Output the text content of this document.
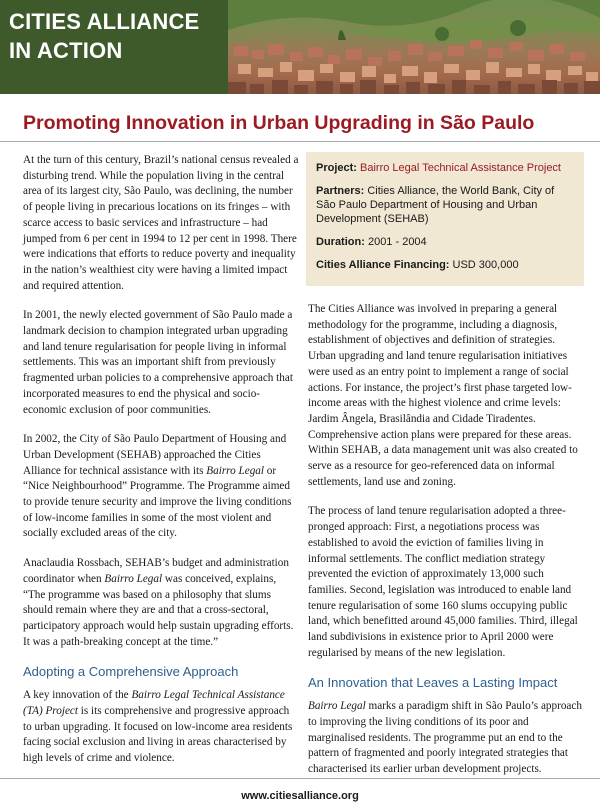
CITIES ALLIANCE
IN ACTION
Promoting Innovation in Urban Upgrading in São Paulo

At the turn of this century, Brazil’s national census revealed a disturbing trend. While the population living in the central area of its largest city, São Paulo, was declining, the number of people living in precarious locations on its fringes – with scarce access to basic services and infrastructure – had jumped from 6 per cent in 1994 to 12 per cent in 1998. There were indications that efforts to reduce poverty and inequality in the nation’s wealthiest city were having a limited impact and required attention.

In 2001, the newly elected government of São Paulo made a landmark decision to champion integrated urban upgrading and land tenure regularisation for people living in informal settlements. This was an important shift from previously fragmented urban policies to a comprehensive approach that incorporated measures to end the physical and socio-economic exclusion of poor communities.

In 2002, the City of São Paulo Department of Housing and Urban Development (SEHAB) approached the Cities Alliance for technical assistance with its Bairro Legal or “Nice Neighbourhood” Programme. The Programme aimed to provide tenure security and improve the living conditions of low-income families in some of the most violent and socially excluded areas of the city.

Anaclaudia Rossbach, SEHAB’s budget and administration coordinator when Bairro Legal was conceived, explains, “The programme was based on a philosophy that slums should remain where they are and that a cross-sectoral, participatory approach would help sustain upgrading efforts. It was a path-breaking concept at the time.”

Adopting a Comprehensive Approach

A key innovation of the Bairro Legal Technical Assistance (TA) Project is its comprehensive and progressive approach to urban upgrading. It focused on low-income area residents facing social exclusion and living in areas characterised by high levels of crime and violence.

Project: Bairro Legal Technical Assistance Project
Partners: Cities Alliance, the World Bank, City of São Paulo Department of Housing and Urban Development (SEHAB)
Duration: 2001 - 2004
Cities Alliance Financing: USD 300,000

The Cities Alliance was involved in preparing a general methodology for the programme, including a diagnosis, establishment of objectives and definition of strategies. Urban upgrading and land tenure regularisation initiatives were used as an entry point to implement a range of social actions. For instance, the project’s first phase targeted low-income areas with the highest violence and crime levels: Jardim Ângela, Brasilândia and Cidade Tiradentes. Comprehensive action plans were prepared for these areas. Within SEHAB, a data management unit was also created to serve as a resource for geo-referenced data on informal settlements, land use and zoning.

The process of land tenure regularisation adopted a three-pronged approach: First, a negotiations process was established to avoid the eviction of families living in informal settlements. The conflict mediation strategy prevented the eviction of approximately 13,000 such families. Second, legislation was introduced to enable land tenure regularisation of some 160 slums occupying public land, which benefitted around 45,000 families. Third, illegal land subdivisions in existence prior to April 2000 were regularised by means of the new legislation.

An Innovation that Leaves a Lasting Impact

Bairro Legal marks a paradigm shift in São Paulo’s approach to improving the living conditions of its poor and marginalised residents. The programme put an end to the pattern of fragmented and poorly integrated strategies that characterised its earlier urban development projects.

www.citiesalliance.org
